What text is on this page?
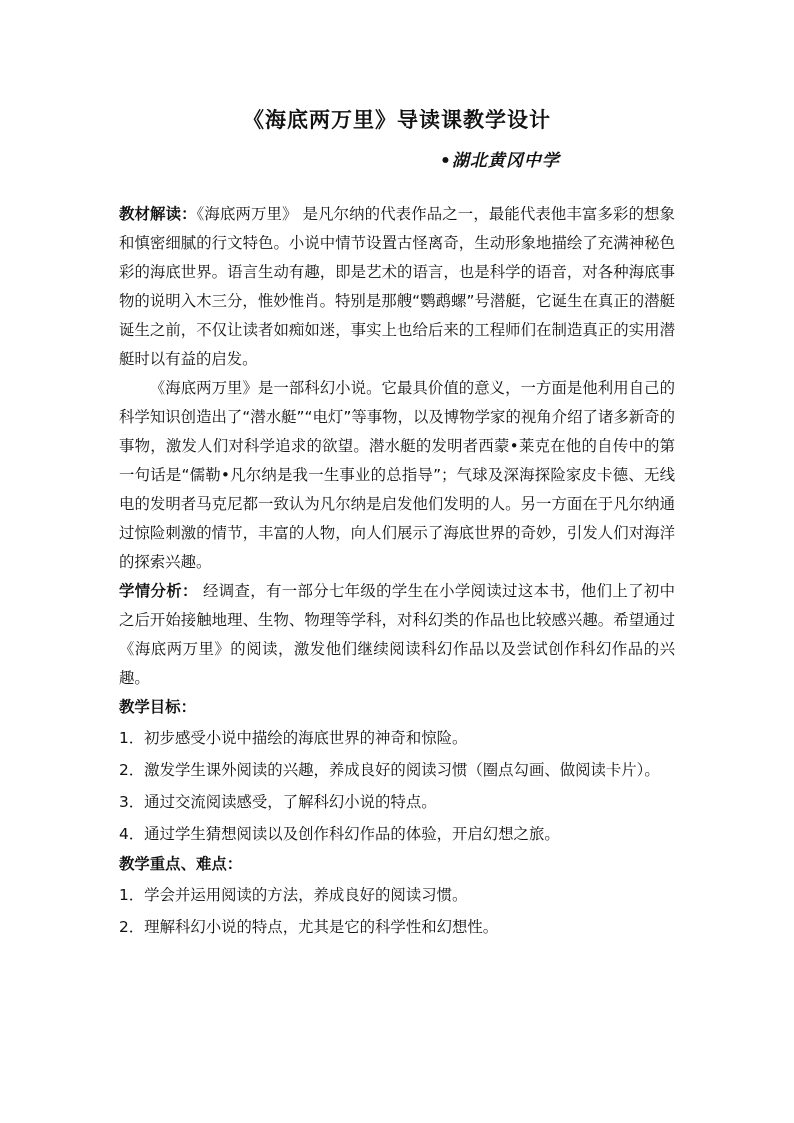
《海底两万里》导读课教学设计
•湖北黄冈中学

教材解读：《海底两万里》 是凡尔纳的代表作品之一，最能代表他丰富多彩的想象和慎密细腻的行文特色。小说中情节设置古怪离奇，生动形象地描绘了充满神秘色彩的海底世界。语言生动有趣，即是艺术的语言，也是科学的语音，对各种海底事物的说明入木三分，惟妙惟肖。特别是那艘“鹦鹉螺”号潜艇，它诞生在真正的潜艇诞生之前，不仅让读者如痴如迷，事实上也给后来的工程师们在制造真正的实用潜艇时以有益的启发。

《海底两万里》是一部科幻小说。它最具价值的意义，一方面是他利用自己的科学知识创造出了“潜水艇”“电灯”等事物，以及博物学家的视角介绍了诸多新奇的事物，激发人们对科学追求的欲望。潜水艇的发明者西蒙•莱克在他的自传中的第一句话是“儒勒•凡尔纳是我一生事业的总指导”；气球及深海探险家皮卡德、无线电的发明者马克尼都一致认为凡尔纳是启发他们发明的人。另一方面在于凡尔纳通过惊险刺激的情节，丰富的人物，向人们展示了海底世界的奇妙，引发人们对海洋的探索兴趣。

学情分析： 经调查，有一部分七年级的学生在小学阅读过这本书，他们上了初中之后开始接触地理、生物、物理等学科，对科幻类的作品也比较感兴趣。希望通过《海底两万里》的阅读，激发他们继续阅读科幻作品以及尝试创作科幻作品的兴趣。

教学目标：

1．初步感受小说中描绘的海底世界的神奇和惊险。

2．激发学生课外阅读的兴趣，养成良好的阅读习惯（圈点勾画、做阅读卡片）。

3．通过交流阅读感受，了解科幻小说的特点。

4．通过学生猜想阅读以及创作科幻作品的体验，开启幻想之旅。

教学重点、难点：

1．学会并运用阅读的方法，养成良好的阅读习惯。

2．理解科幻小说的特点，尤其是它的科学性和幻想性。
